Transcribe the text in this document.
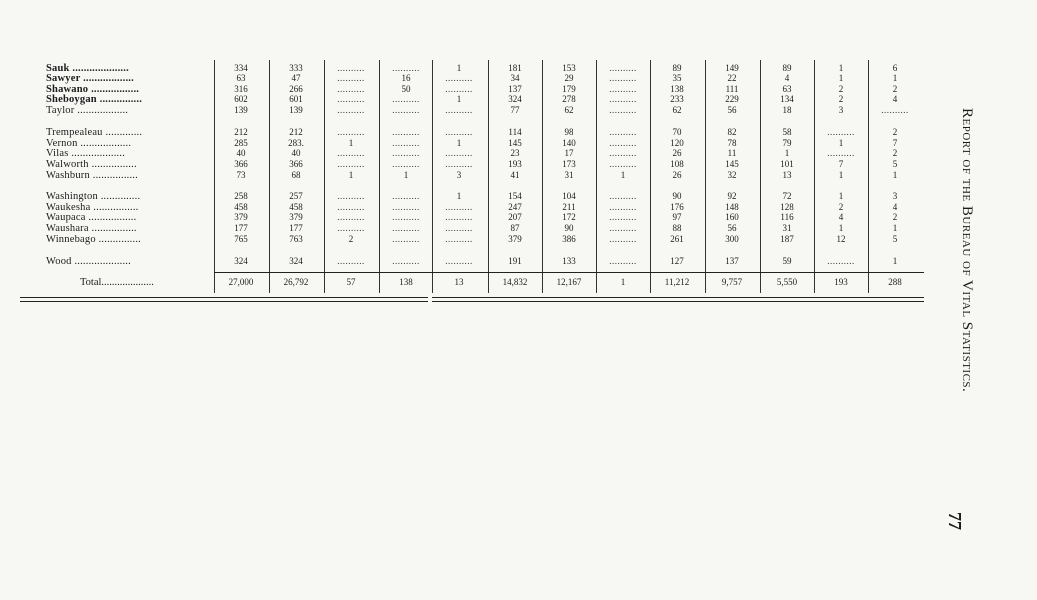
Sauk ....................	334	333	..........	..........	1	181	153	..........	89	149	89	1	6
Sawyer ..................	63	47	..........	16	..........	34	29	..........	35	22	4	1	1
Shawano .................	316	266	..........	50	..........	137	179	..........	138	111	63	2	2
Sheboygan ...............	602	601	..........	..........	1	324	278	..........	233	229	134	2	4
Taylor ..................	139	139	..........	..........	..........	77	62	..........	62	56	18	3	..........
Trempealeau .............	212	212	..........	..........	..........	114	98	..........	70	82	58	..........	2
Vernon ..................	285	283.	1	..........	1	145	140	..........	120	78	79	1	7
Vilas ...................	40	40	..........	..........	..........	23	17	..........	26	11	1	..........	2
Walworth ................	366	366	..........	..........	..........	193	173	..........	108	145	101	7	5
Washburn ................	73	68	1	1	3	41	31	1	26	32	13	1	1
Washington ..............	258	257	..........	..........	1	154	104	..........	90	92	72	1	3
Waukesha ................	458	458	..........	..........	..........	247	211	..........	176	148	128	2	4
Waupaca .................	379	379	..........	..........	..........	207	172	..........	97	160	116	4	2
Waushara ................	177	177	..........	..........	..........	87	90	..........	88	56	31	1	1
Winnebago ...............	765	763	2	..........	..........	379	386	..........	261	300	187	12	5
Wood ....................	324	324	..........	..........	..........	191	133	..........	127	137	59	..........	1
Total....................	27,000	26,792	57	138	13	14,832	12,167	1	11,212	9,757	5,550	193	288	Report of the Bureau of Vital Statistics.
77
